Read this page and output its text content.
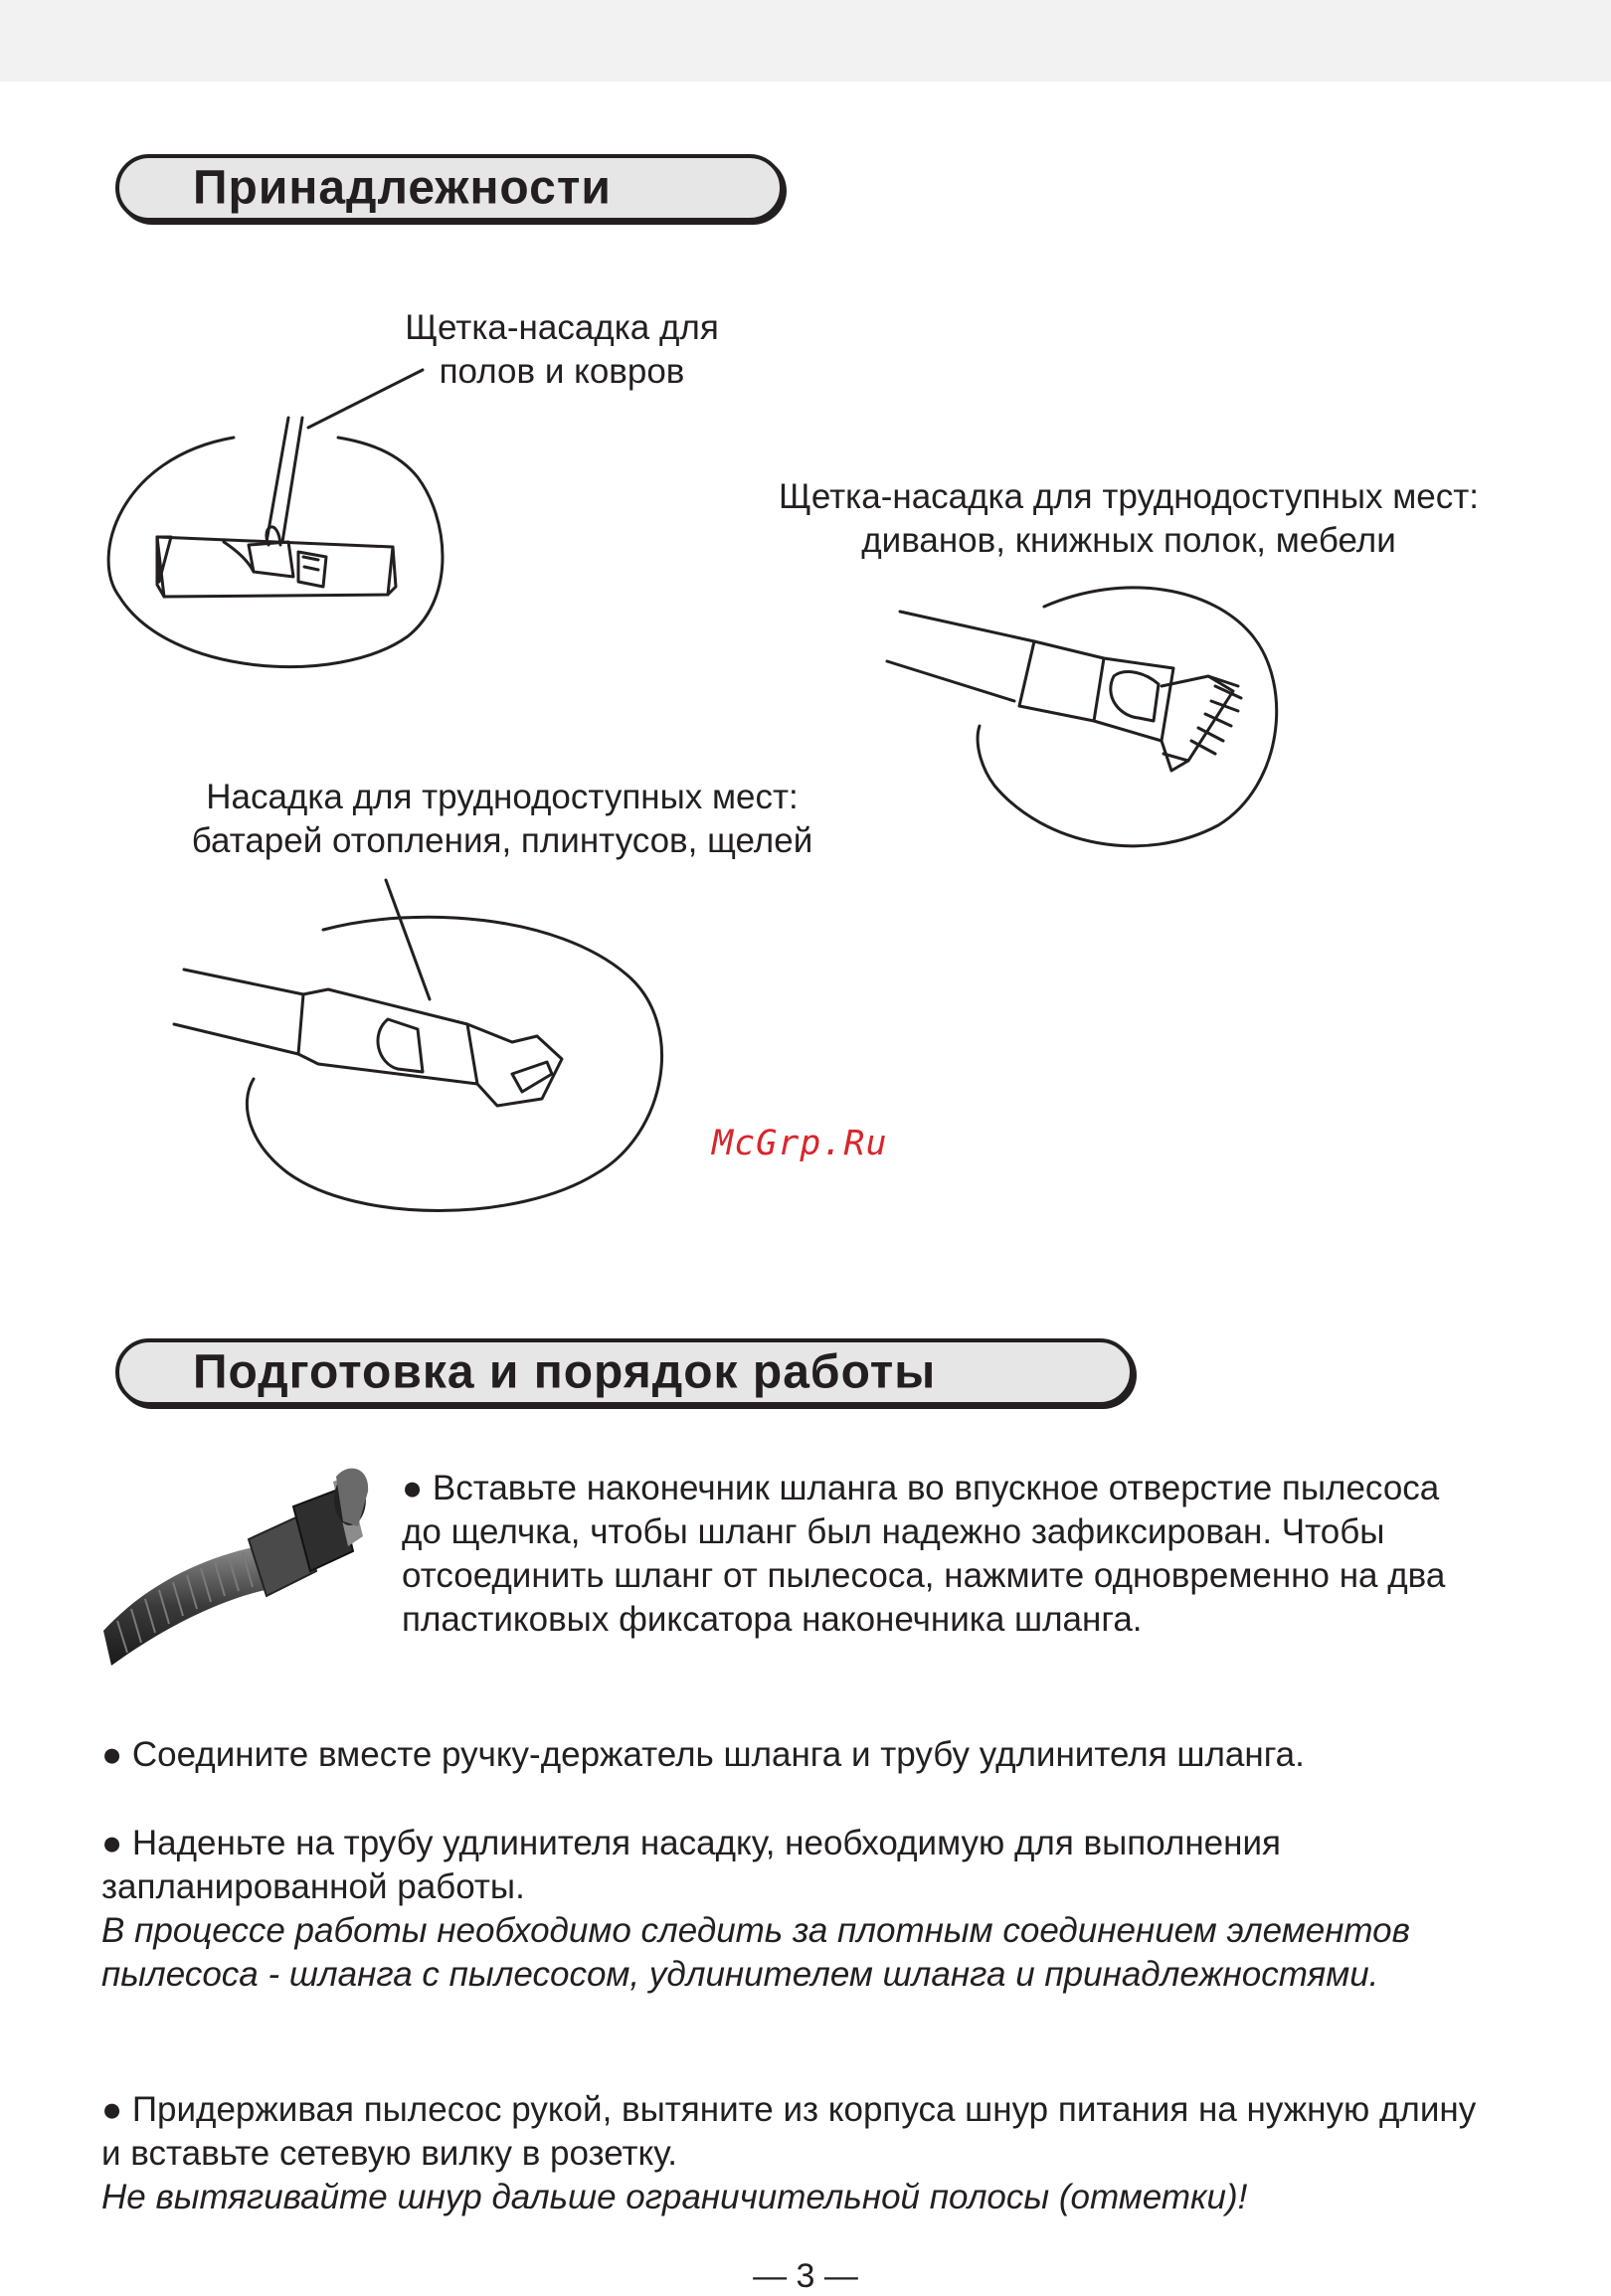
Принадлежности
Щетка-насадка для
полов и ковров
Щетка-насадка для труднодоступных мест:
диванов, книжных полок, мебели
Насадка для труднодоступных мест:
батарей отопления, плинтусов, щелей
McGrp.Ru
Подготовка и порядок работы

● Вставьте наконечник шланга во впускное отверстие пылесоса до щелчка, чтобы шланг был надежно зафиксирован. Чтобы отсоединить шланг от пылесоса, нажмите одновременно на два пластиковых фиксатора наконечника шланга.

● Соедините вместе ручку-держатель шланга и трубу удлинителя шланга.

● Наденьте на трубу удлинителя насадку, необходимую для выполнения запланированной работы.

В процессе работы необходимо следить за плотным соединением элементов пылесоса - шланга с пылесосом, удлинителем шланга и принадлежностями.

● Придерживая пылесос рукой, вытяните из корпуса шнур питания на нужную длину и вставьте сетевую вилку в розетку.

Не вытягивайте шнур дальше ограничительной полосы (отметки)!

— 3 —
